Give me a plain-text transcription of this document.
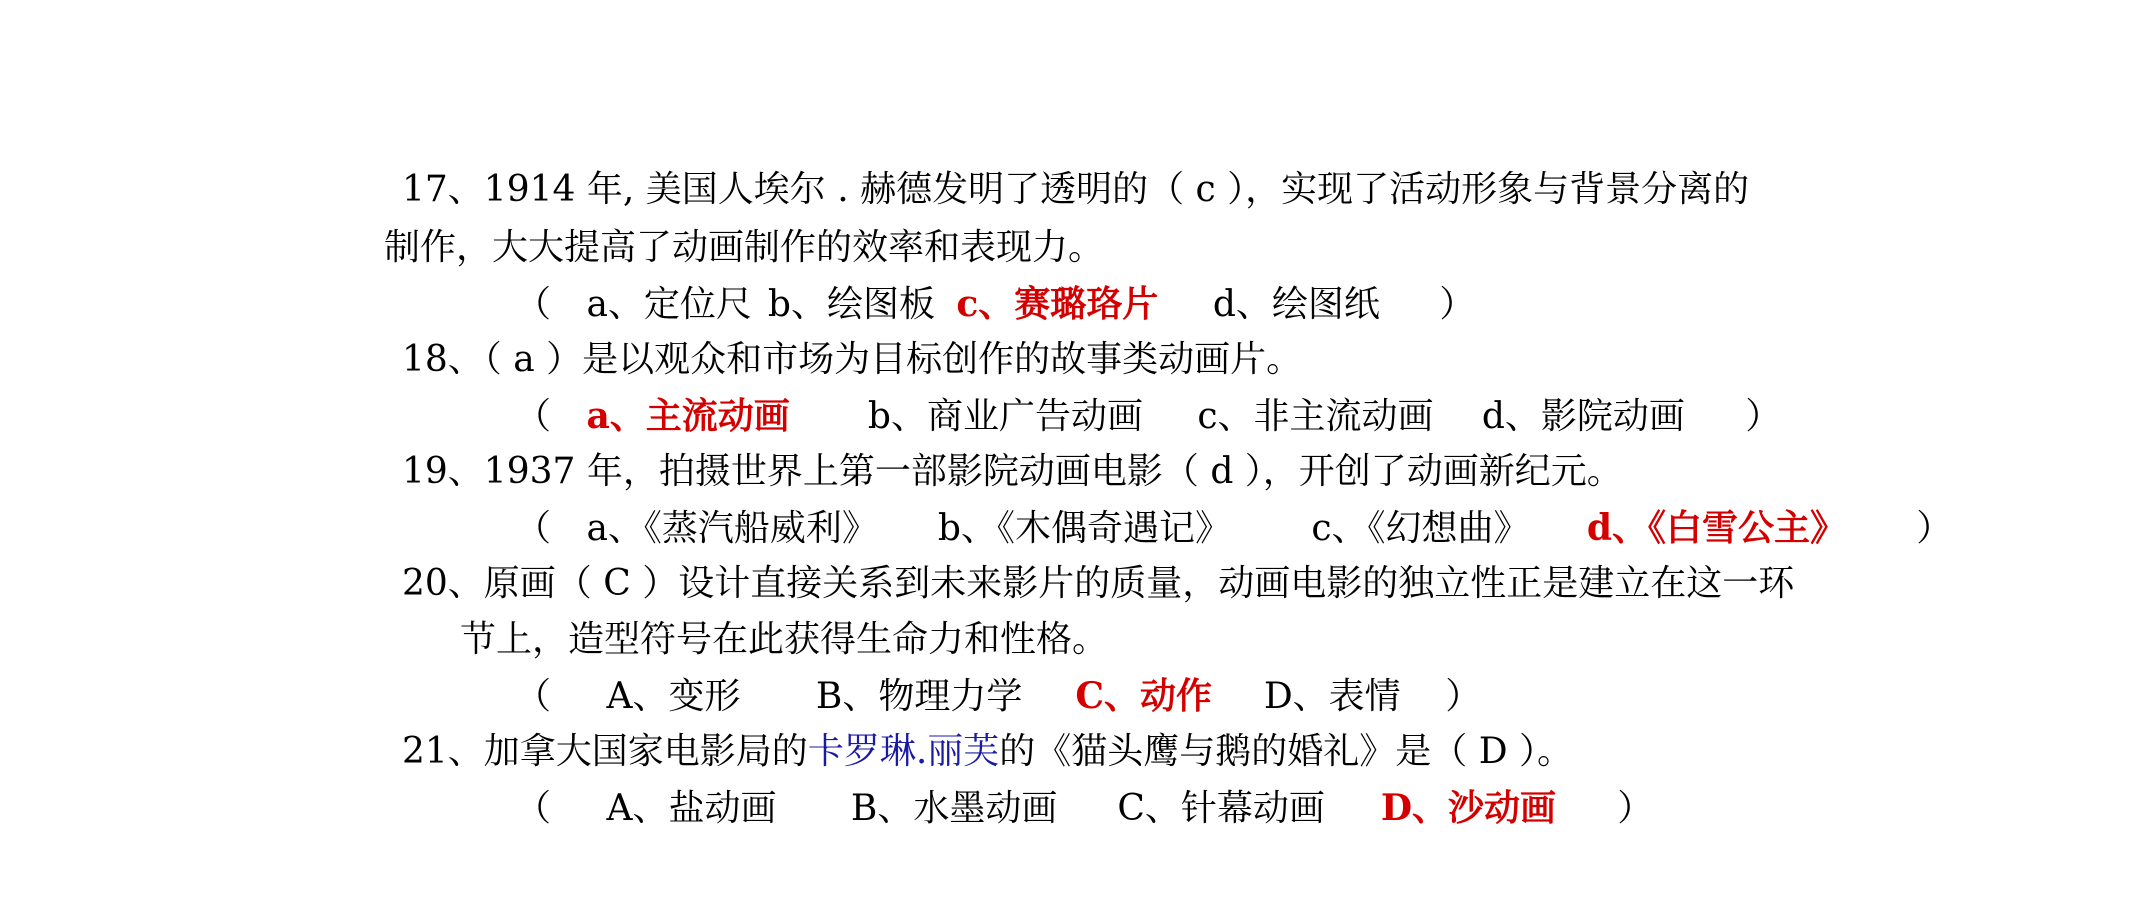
17、1914 年, 美国人埃尔 . 赫德发明了透明的（ c ），实现了活动形象与背景分离的
制作，大大提高了动画制作的效率和表现力。
（ a、定位尺 b、绘图板 c、赛璐珞片 d、绘图纸 ）
18、（ a ）是以观众和市场为目标创作的故事类动画片。
（ a、主流动画 b、商业广告动画 c、非主流动画 d、影院动画 ）
19、1937 年，拍摄世界上第一部影院动画电影（ d ），开创了动画新纪元。
（ a、《蒸汽船威利》 b、《木偶奇遇记》 c、《幻想曲》 d、《白雪公主》 ）
20、原画（ C ）设计直接关系到未来影片的质量，动画电影的独立性正是建立在这一环
节上，造型符号在此获得生命力和性格。
（ A、变形 B、物理力学 C、动作 D、表情 ）
21、加拿大国家电影局的卡罗琳.丽芙的《猫头鹰与鹅的婚礼》是（ D ）。
（ A、盐动画 B、水墨动画 C、针幕动画 D、沙动画 ）
